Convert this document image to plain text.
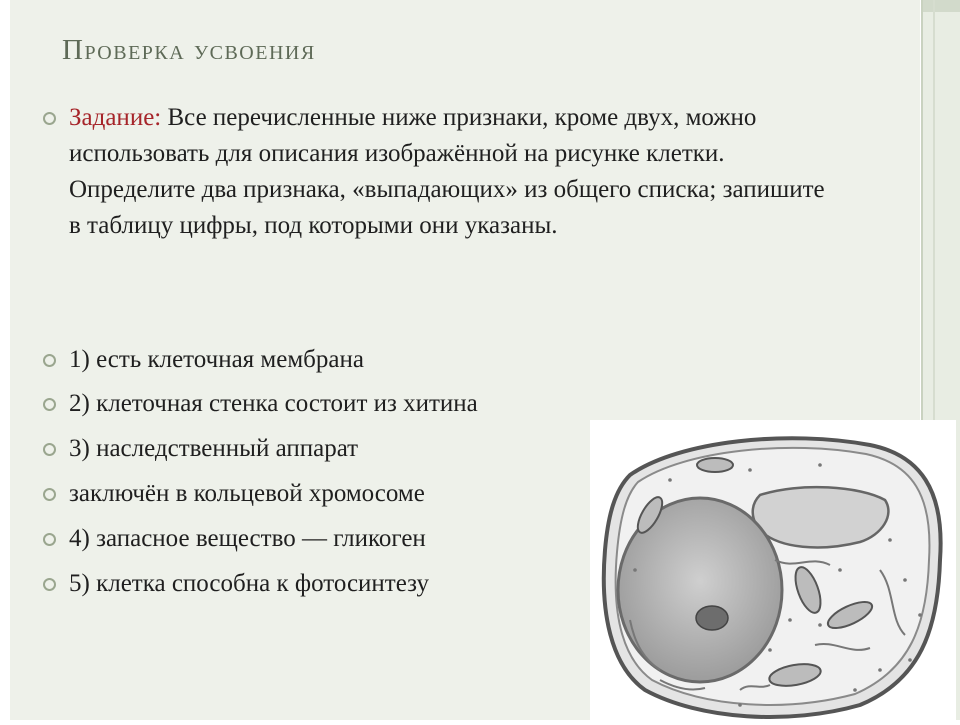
Проверка усвоения
Задание: Все перечисленные ниже признаки, кроме двух, можно использовать для описания изображённой на рисунке клетки. Определите два признака, «выпадающих» из общего списка; запишите в таблицу цифры, под которыми они указаны.
1) есть клеточная мембрана
2) клеточная стенка состоит из хитина
3) наследственный аппарат
заключён в кольцевой хромосоме
4) запасное вещество — гликоген
5) клетка способна к фотосинтезу
